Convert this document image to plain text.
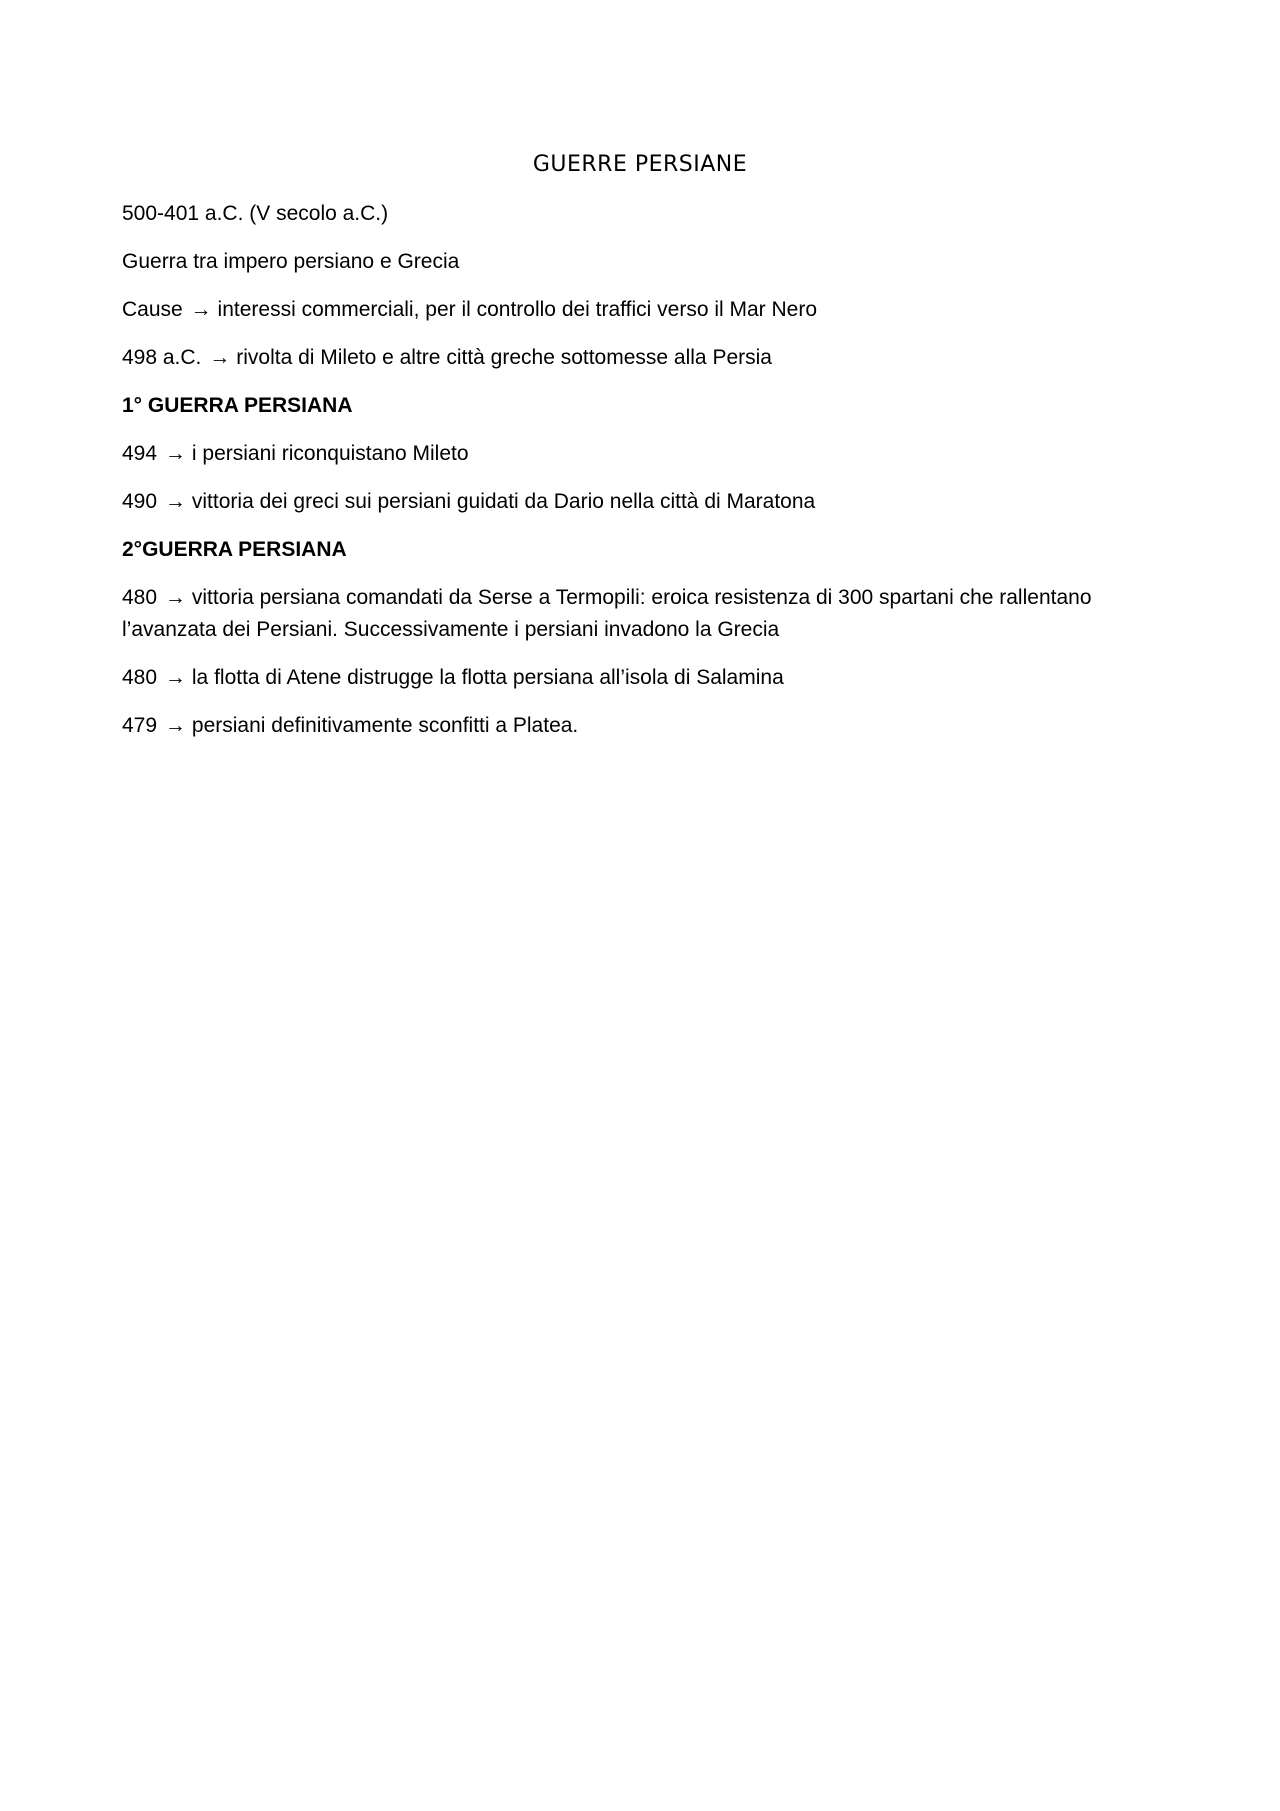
GUERRE PERSIANE

500-401 a.C. (V secolo a.C.)

Guerra tra impero persiano e Grecia

Cause → interessi commerciali, per il controllo dei traffici verso il Mar Nero

498 a.C. → rivolta di Mileto e altre città greche sottomesse alla Persia

1° GUERRA PERSIANA

494 → i persiani riconquistano Mileto

490 → vittoria dei greci sui persiani guidati da Dario nella città di Maratona

2°GUERRA PERSIANA

480 → vittoria persiana comandati da Serse a Termopili: eroica resistenza di 300 spartani che rallentano l’avanzata dei Persiani. Successivamente i persiani invadono la Grecia

480 → la flotta di Atene distrugge la flotta persiana all’isola di Salamina

479 → persiani definitivamente sconfitti a Platea.
